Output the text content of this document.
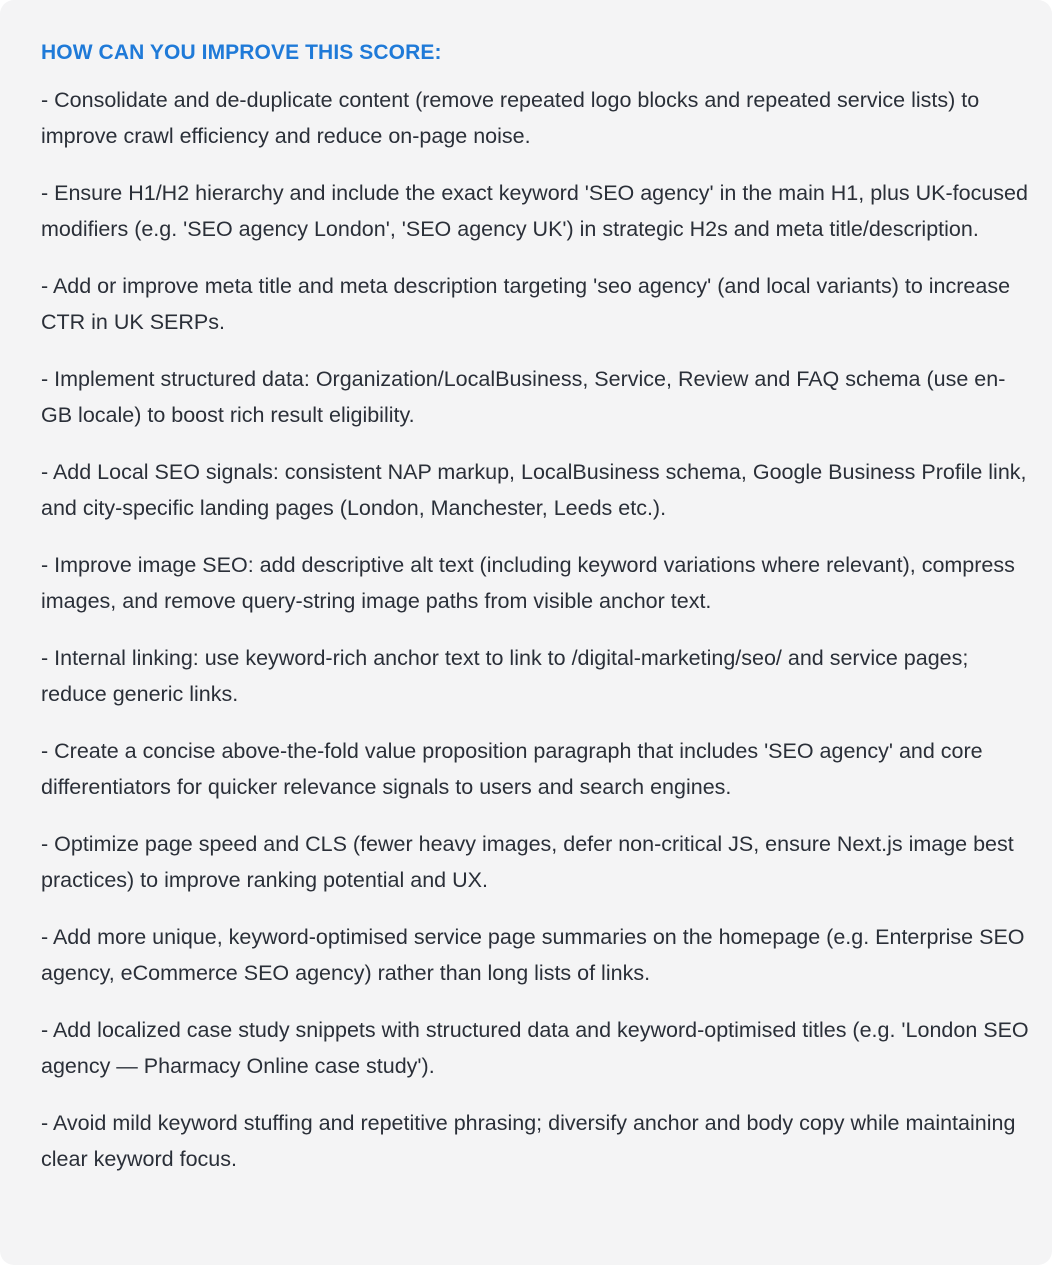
HOW CAN YOU IMPROVE THIS SCORE:
- Consolidate and de-duplicate content (remove repeated logo blocks and repeated service lists) to improve crawl efficiency and reduce on-page noise.
- Ensure H1/H2 hierarchy and include the exact keyword 'SEO agency' in the main H1, plus UK-focused modifiers (e.g. 'SEO agency London', 'SEO agency UK') in strategic H2s and meta title/description.
- Add or improve meta title and meta description targeting 'seo agency' (and local variants) to increase CTR in UK SERPs.
- Implement structured data: Organization/LocalBusiness, Service, Review and FAQ schema (use en-GB locale) to boost rich result eligibility.
- Add Local SEO signals: consistent NAP markup, LocalBusiness schema, Google Business Profile link, and city-specific landing pages (London, Manchester, Leeds etc.).
- Improve image SEO: add descriptive alt text (including keyword variations where relevant), compress images, and remove query-string image paths from visible anchor text.
- Internal linking: use keyword-rich anchor text to link to /digital-marketing/seo/ and service pages; reduce generic links.
- Create a concise above-the-fold value proposition paragraph that includes 'SEO agency' and core differentiators for quicker relevance signals to users and search engines.
- Optimize page speed and CLS (fewer heavy images, defer non-critical JS, ensure Next.js image best practices) to improve ranking potential and UX.
- Add more unique, keyword-optimised service page summaries on the homepage (e.g. Enterprise SEO agency, eCommerce SEO agency) rather than long lists of links.
- Add localized case study snippets with structured data and keyword-optimised titles (e.g. 'London SEO agency — Pharmacy Online case study').
- Avoid mild keyword stuffing and repetitive phrasing; diversify anchor and body copy while maintaining clear keyword focus.
